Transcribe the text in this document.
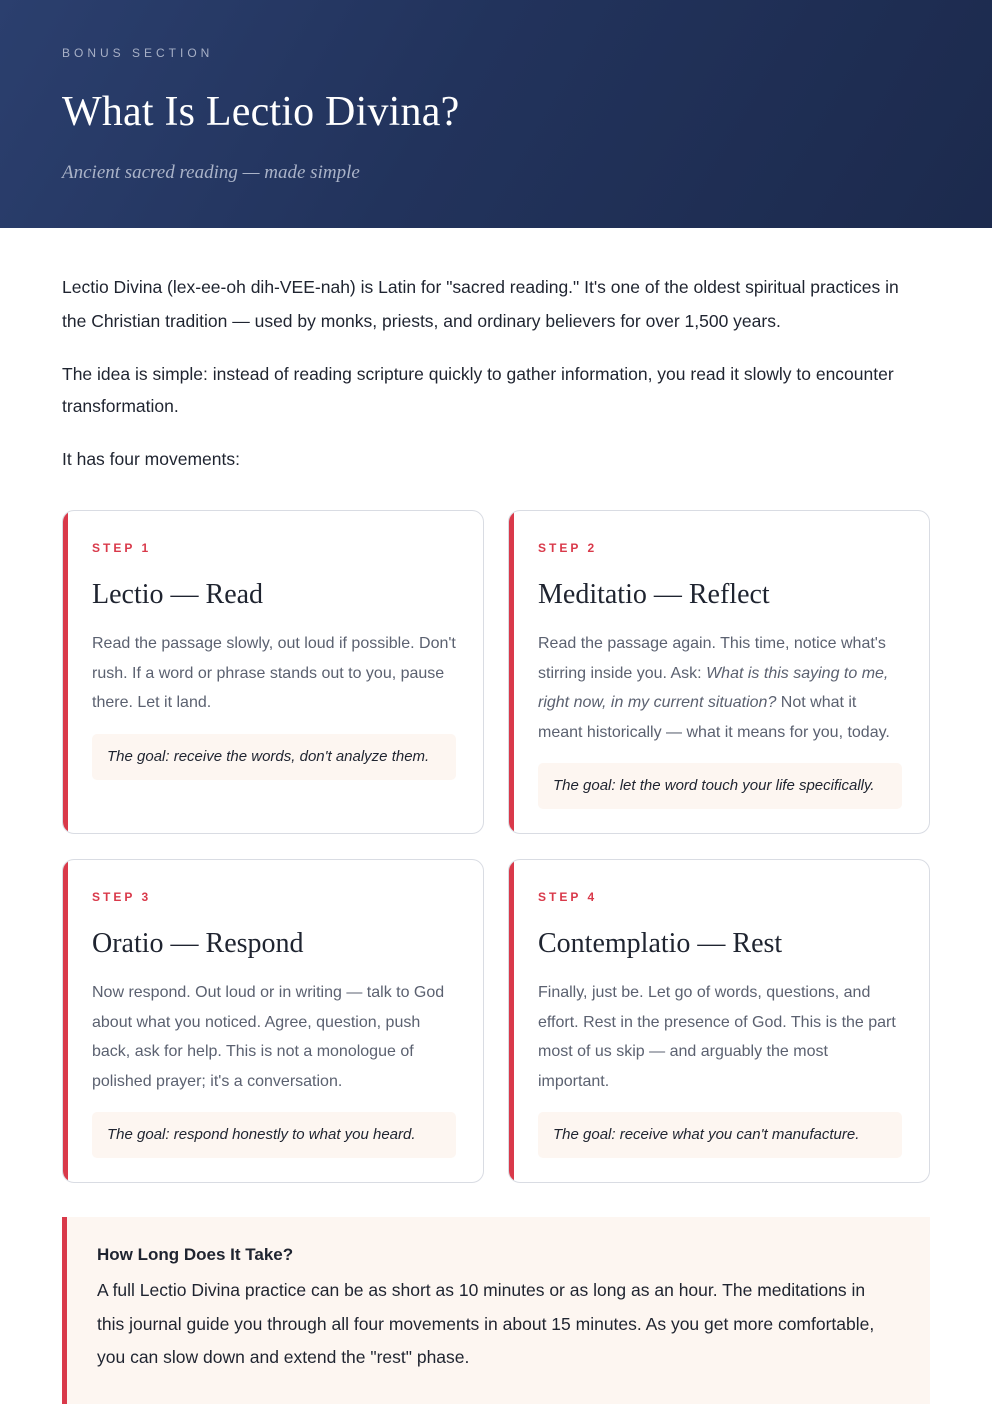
BONUS SECTION
What Is Lectio Divina?
Ancient sacred reading — made simple

Lectio Divina (lex-ee-oh dih-VEE-nah) is Latin for "sacred reading." It's one of the oldest spiritual practices in the Christian tradition — used by monks, priests, and ordinary believers for over 1,500 years.

The idea is simple: instead of reading scripture quickly to gather information, you read it slowly to encounter transformation.

It has four movements:

STEP 1
Lectio — Read
Read the passage slowly, out loud if possible. Don't rush. If a word or phrase stands out to you, pause there. Let it land.
The goal: receive the words, don't analyze them.
STEP 2
Meditatio — Reflect
Read the passage again. This time, notice what's stirring inside you. Ask: What is this saying to me, right now, in my current situation? Not what it meant historically — what it means for you, today.
The goal: let the word touch your life specifically.
STEP 3
Oratio — Respond
Now respond. Out loud or in writing — talk to God about what you noticed. Agree, question, push back, ask for help. This is not a monologue of polished prayer; it's a conversation.
The goal: respond honestly to what you heard.
STEP 4
Contemplatio — Rest
Finally, just be. Let go of words, questions, and effort. Rest in the presence of God. This is the part most of us skip — and arguably the most important.
The goal: receive what you can't manufacture.
How Long Does It Take?
A full Lectio Divina practice can be as short as 10 minutes or as long as an hour. The meditations in this journal guide you through all four movements in about 15 minutes. As you get more comfortable, you can slow down and extend the "rest" phase.
